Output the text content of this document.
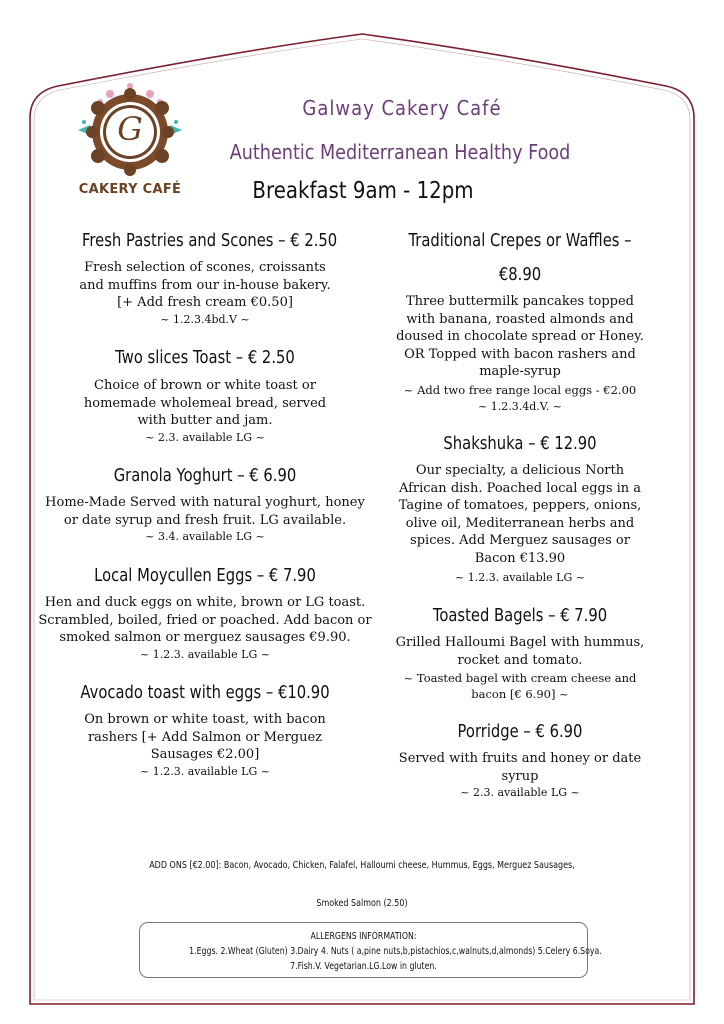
G
CAKERY CAFÉ
Galway Cakery Café
Authentic Mediterranean Healthy Food
Breakfast 9am - 12pm
Fresh Pastries and Scones – € 2.50
Fresh selection of scones, croissants
and muffins from our in-house bakery.
[+ Add fresh cream €0.50]
~ 1.2.3.4bd.V ~
Two slices Toast – € 2.50
Choice of brown or white toast or
homemade wholemeal bread, served
with butter and jam.
~ 2.3. available LG ~
Granola Yoghurt – € 6.90
Home-Made Served with natural yoghurt, honey
or date syrup and fresh fruit. LG available.
~ 3.4. available LG ~
Local Moycullen Eggs – € 7.90
Hen and duck eggs on white, brown or LG toast.
Scrambled, boiled, fried or poached. Add bacon or
smoked salmon or merguez sausages €9.90.
~ 1.2.3. available LG ~
Avocado toast with eggs – €10.90
On brown or white toast, with bacon
rashers [+ Add Salmon or Merguez
Sausages €2.00]
~ 1.2.3. available LG ~
Traditional Crepes or Waffles –
€8.90
Three buttermilk pancakes topped
with banana, roasted almonds and
doused in chocolate spread or Honey.
OR Topped with bacon rashers and
maple-syrup
~ Add two free range local eggs - €2.00
~ 1.2.3.4d.V. ~
Shakshuka – € 12.90
Our specialty, a delicious North
African dish. Poached local eggs in a
Tagine of tomatoes, peppers, onions,
olive oil, Mediterranean herbs and
spices. Add Merguez sausages or
Bacon €13.90
~ 1.2.3. available LG ~
Toasted Bagels – € 7.90
Grilled Halloumi Bagel with hummus,
rocket and tomato.
~ Toasted bagel with cream cheese and
bacon [€ 6.90] ~
Porridge – € 6.90
Served with fruits and honey or date
syrup
~ 2.3. available LG ~
ADD ONS [€2.00]: Bacon, Avocado, Chicken, Falafel, Halloumi cheese, Hummus, Eggs, Merguez Sausages,
Smoked Salmon (2.50)
ALLERGENS INFORMATION:
1.Eggs. 2.Wheat (Gluten) 3.Dairy 4. Nuts ( a,pine nuts,b,pistachios,c,walnuts,d,almonds) 5.Celery 6.Soya.
7.Fish.V. Vegetarian.LG.Low in gluten.
